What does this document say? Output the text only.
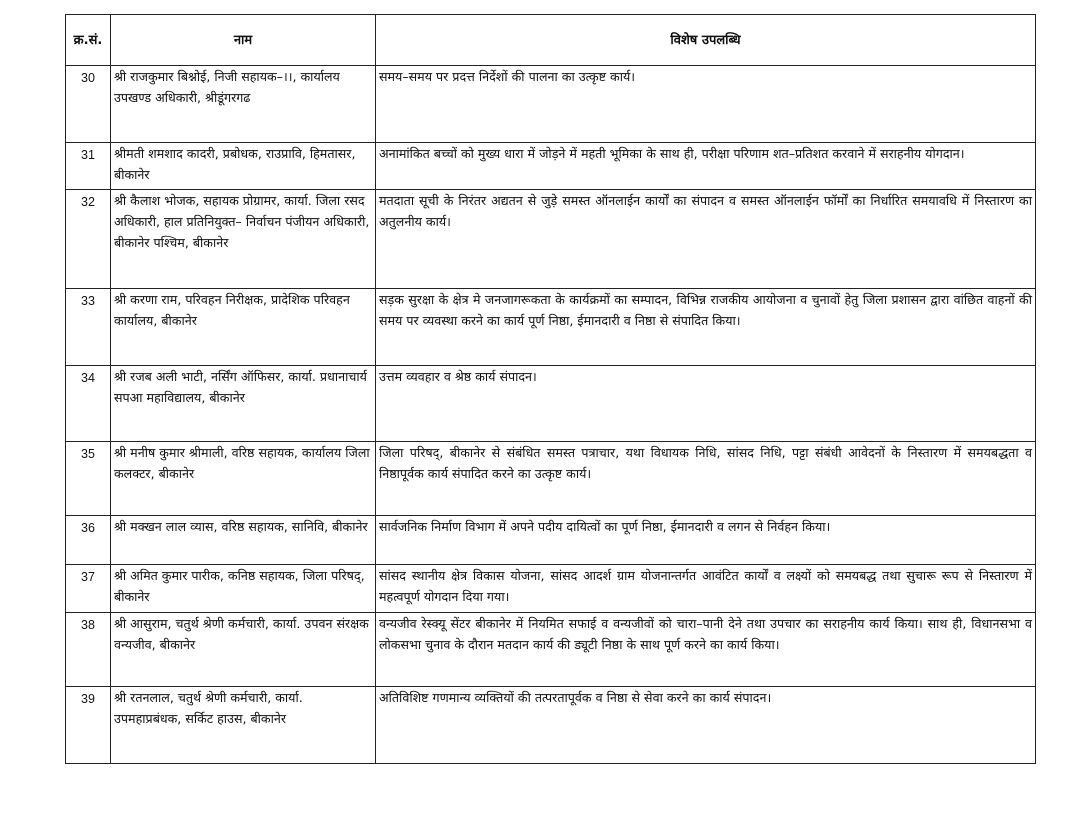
क्र.सं.	नाम	विशेष उपलब्धि
30	श्री राजकुमार बिश्नोई, निजी सहायक–।।, कार्यालय उपखण्ड अधिकारी, श्रीडूंगरगढ	समय–समय पर प्रदत्त निर्देशों की पालना का उत्कृष्ट कार्य।
31	श्रीमती शमशाद कादरी, प्रबोधक, राउप्रावि, हिमतासर, बीकानेर	अनामांकित बच्चों को मुख्य धारा में जोड़ने में महती भूमिका के साथ ही, परीक्षा परिणाम शत–प्रतिशत करवाने में सराहनीय योगदान।
32	श्री कैलाश भोजक, सहायक प्रोग्रामर, कार्या. जिला रसद अधिकारी, हाल प्रतिनियुक्त– निर्वाचन पंजीयन अधिकारी, बीकानेर पश्चिम, बीकानेर	मतदाता सूची के निरंतर अद्यतन से जुड़े समस्त ऑनलाईन कार्यों का संपादन व समस्त ऑनलाईन फॉर्मों का निर्धारित समयावधि में निस्तारण का अतुलनीय कार्य।
33	श्री करणा राम, परिवहन निरीक्षक, प्रादेशिक परिवहन कार्यालय, बीकानेर	सड़क सुरक्षा के क्षेत्र मे जनजागरूकता के कार्यक्रमों का सम्पादन, विभिन्न राजकीय आयोजना व चुनावों हेतु जिला प्रशासन द्वारा वांछित वाहनों की समय पर व्यवस्था करने का कार्य पूर्ण निष्ठा, ईमानदारी व निष्ठा से संपादित किया।
34	श्री रजब अली भाटी, नर्सिंग ऑफिसर, कार्या. प्रधानाचार्य सपआ महाविद्यालय, बीकानेर	उत्तम व्यवहार व श्रेष्ठ कार्य संपादन।
35	श्री मनीष कुमार श्रीमाली, वरिष्ठ सहायक, कार्यालय जिला कलक्टर, बीकानेर	जिला परिषद्, बीकानेर से संबंधित समस्त पत्राचार, यथा विधायक निधि, सांसद निधि, पट्टा संबंधी आवेदनों के निस्तारण में समयबद्धता व निष्ठापूर्वक कार्य संपादित करने का उत्कृष्ट कार्य।
36	श्री मक्खन लाल व्यास, वरिष्ठ सहायक, सानिवि, बीकानेर	सार्वजनिक निर्माण विभाग में अपने पदीय दायित्वों का पूर्ण निष्ठा, ईमानदारी व लगन से निर्वहन किया।
37	श्री अमित कुमार पारीक, कनिष्ठ सहायक, जिला परिषद्, बीकानेर	सांसद स्थानीय क्षेत्र विकास योजना, सांसद आदर्श ग्राम योजनान्तर्गत आवंटित कार्यों व लक्ष्यों को समयबद्ध तथा सुचारू रूप से निस्तारण में महत्वपूर्ण योगदान दिया गया।
38	श्री आसुराम, चतुर्थ श्रेणी कर्मचारी, कार्या. उपवन संरक्षक वन्यजीव, बीकानेर	वन्यजीव रेस्क्यू सेंटर बीकानेर में नियमित सफाई व वन्यजीवों को चारा–पानी देने तथा उपचार का सराहनीय कार्य किया। साथ ही, विधानसभा व लोकसभा चुनाव के दौरान मतदान कार्य की ड्यूटी निष्ठा के साथ पूर्ण करने का कार्य किया।
39	श्री रतनलाल, चतुर्थ श्रेणी कर्मचारी, कार्या. उपमहाप्रबंधक, सर्किट हाउस, बीकानेर	अतिविशिष्ट गणमान्य व्यक्तियों की तत्परतापूर्वक व निष्ठा से सेवा करने का कार्य संपादन।
